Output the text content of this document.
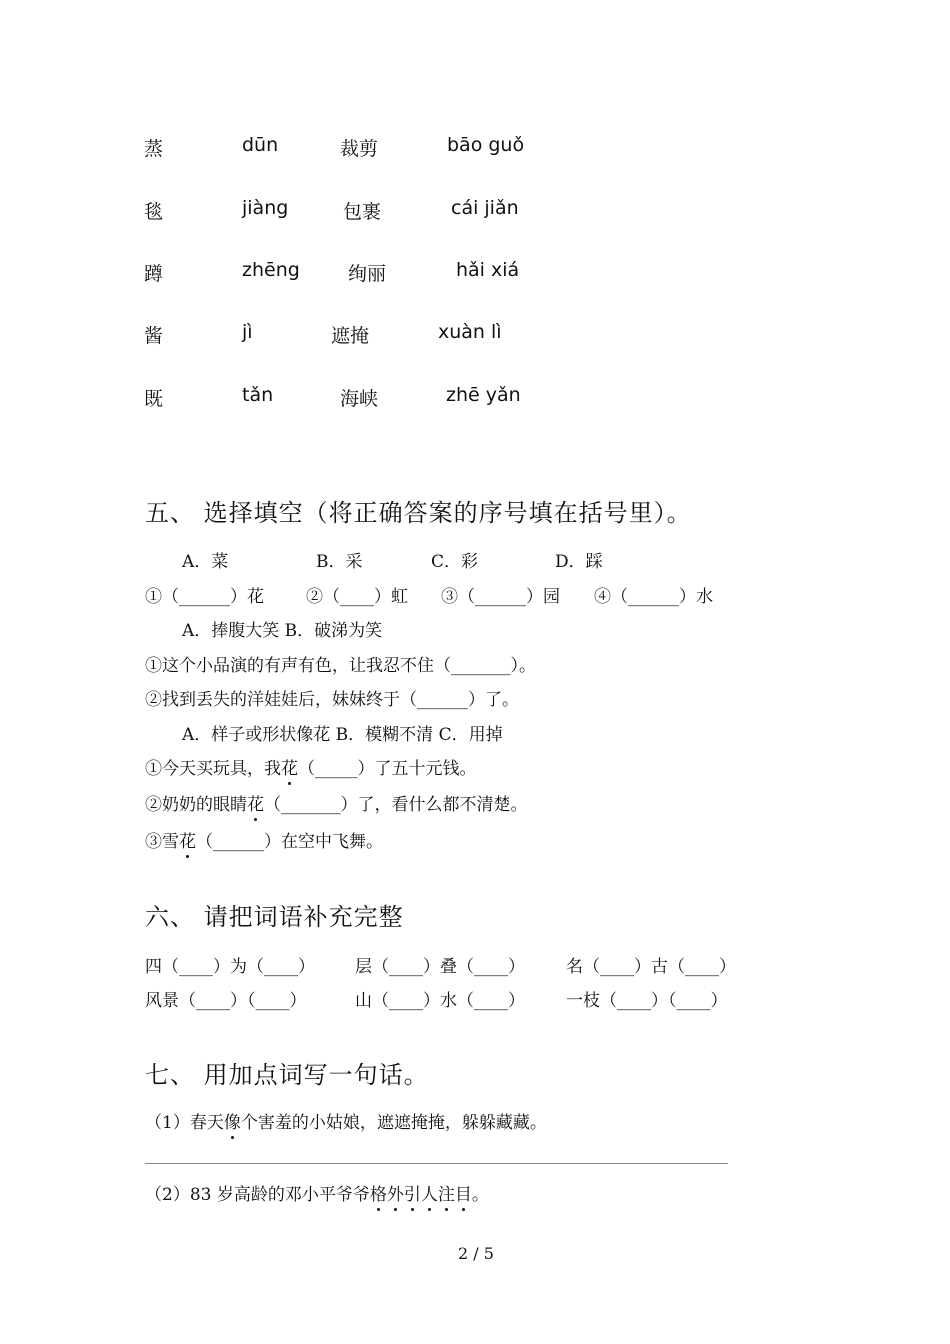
蒸	dūn	裁剪	bāo guǒ
毯	jiàng	包裹	cái jiǎn
蹲	zhēng	绚丽	hǎi xiá
酱	jì	遮掩	xuàn lì
既	tǎn	海峡	zhē yǎn
五、 选择填空（将正确答案的序号填在括号里）。
A．菜	B．采	C．彩	D．踩
①（______）花 ②（____）虹 ③（______）园 ④（______）水
A．捧腹大笑 B．破涕为笑
①这个小品演的有声有色，让我忍不住（_______）。
②找到丢失的洋娃娃后，妹妹终于（______）了。
A．样子或形状像花 B．模糊不清 C．用掉
①今天买玩具，我花（_____）了五十元钱。
②奶奶的眼睛花（_______）了，看什么都不清楚。
③雪花（______）在空中飞舞。
六、 请把词语补充完整
四（____）为（____） 层（____）叠（____） 名（____）古（____）
风景（____）（____）	山（____）水（____） 一枝（____）（____）
七、 用加点词写一句话。
（1）春天像个害羞的小姑娘，遮遮掩掩，躲躲藏藏。
（2）83 岁高龄的邓小平爷爷格外引人注目。
2 / 5
